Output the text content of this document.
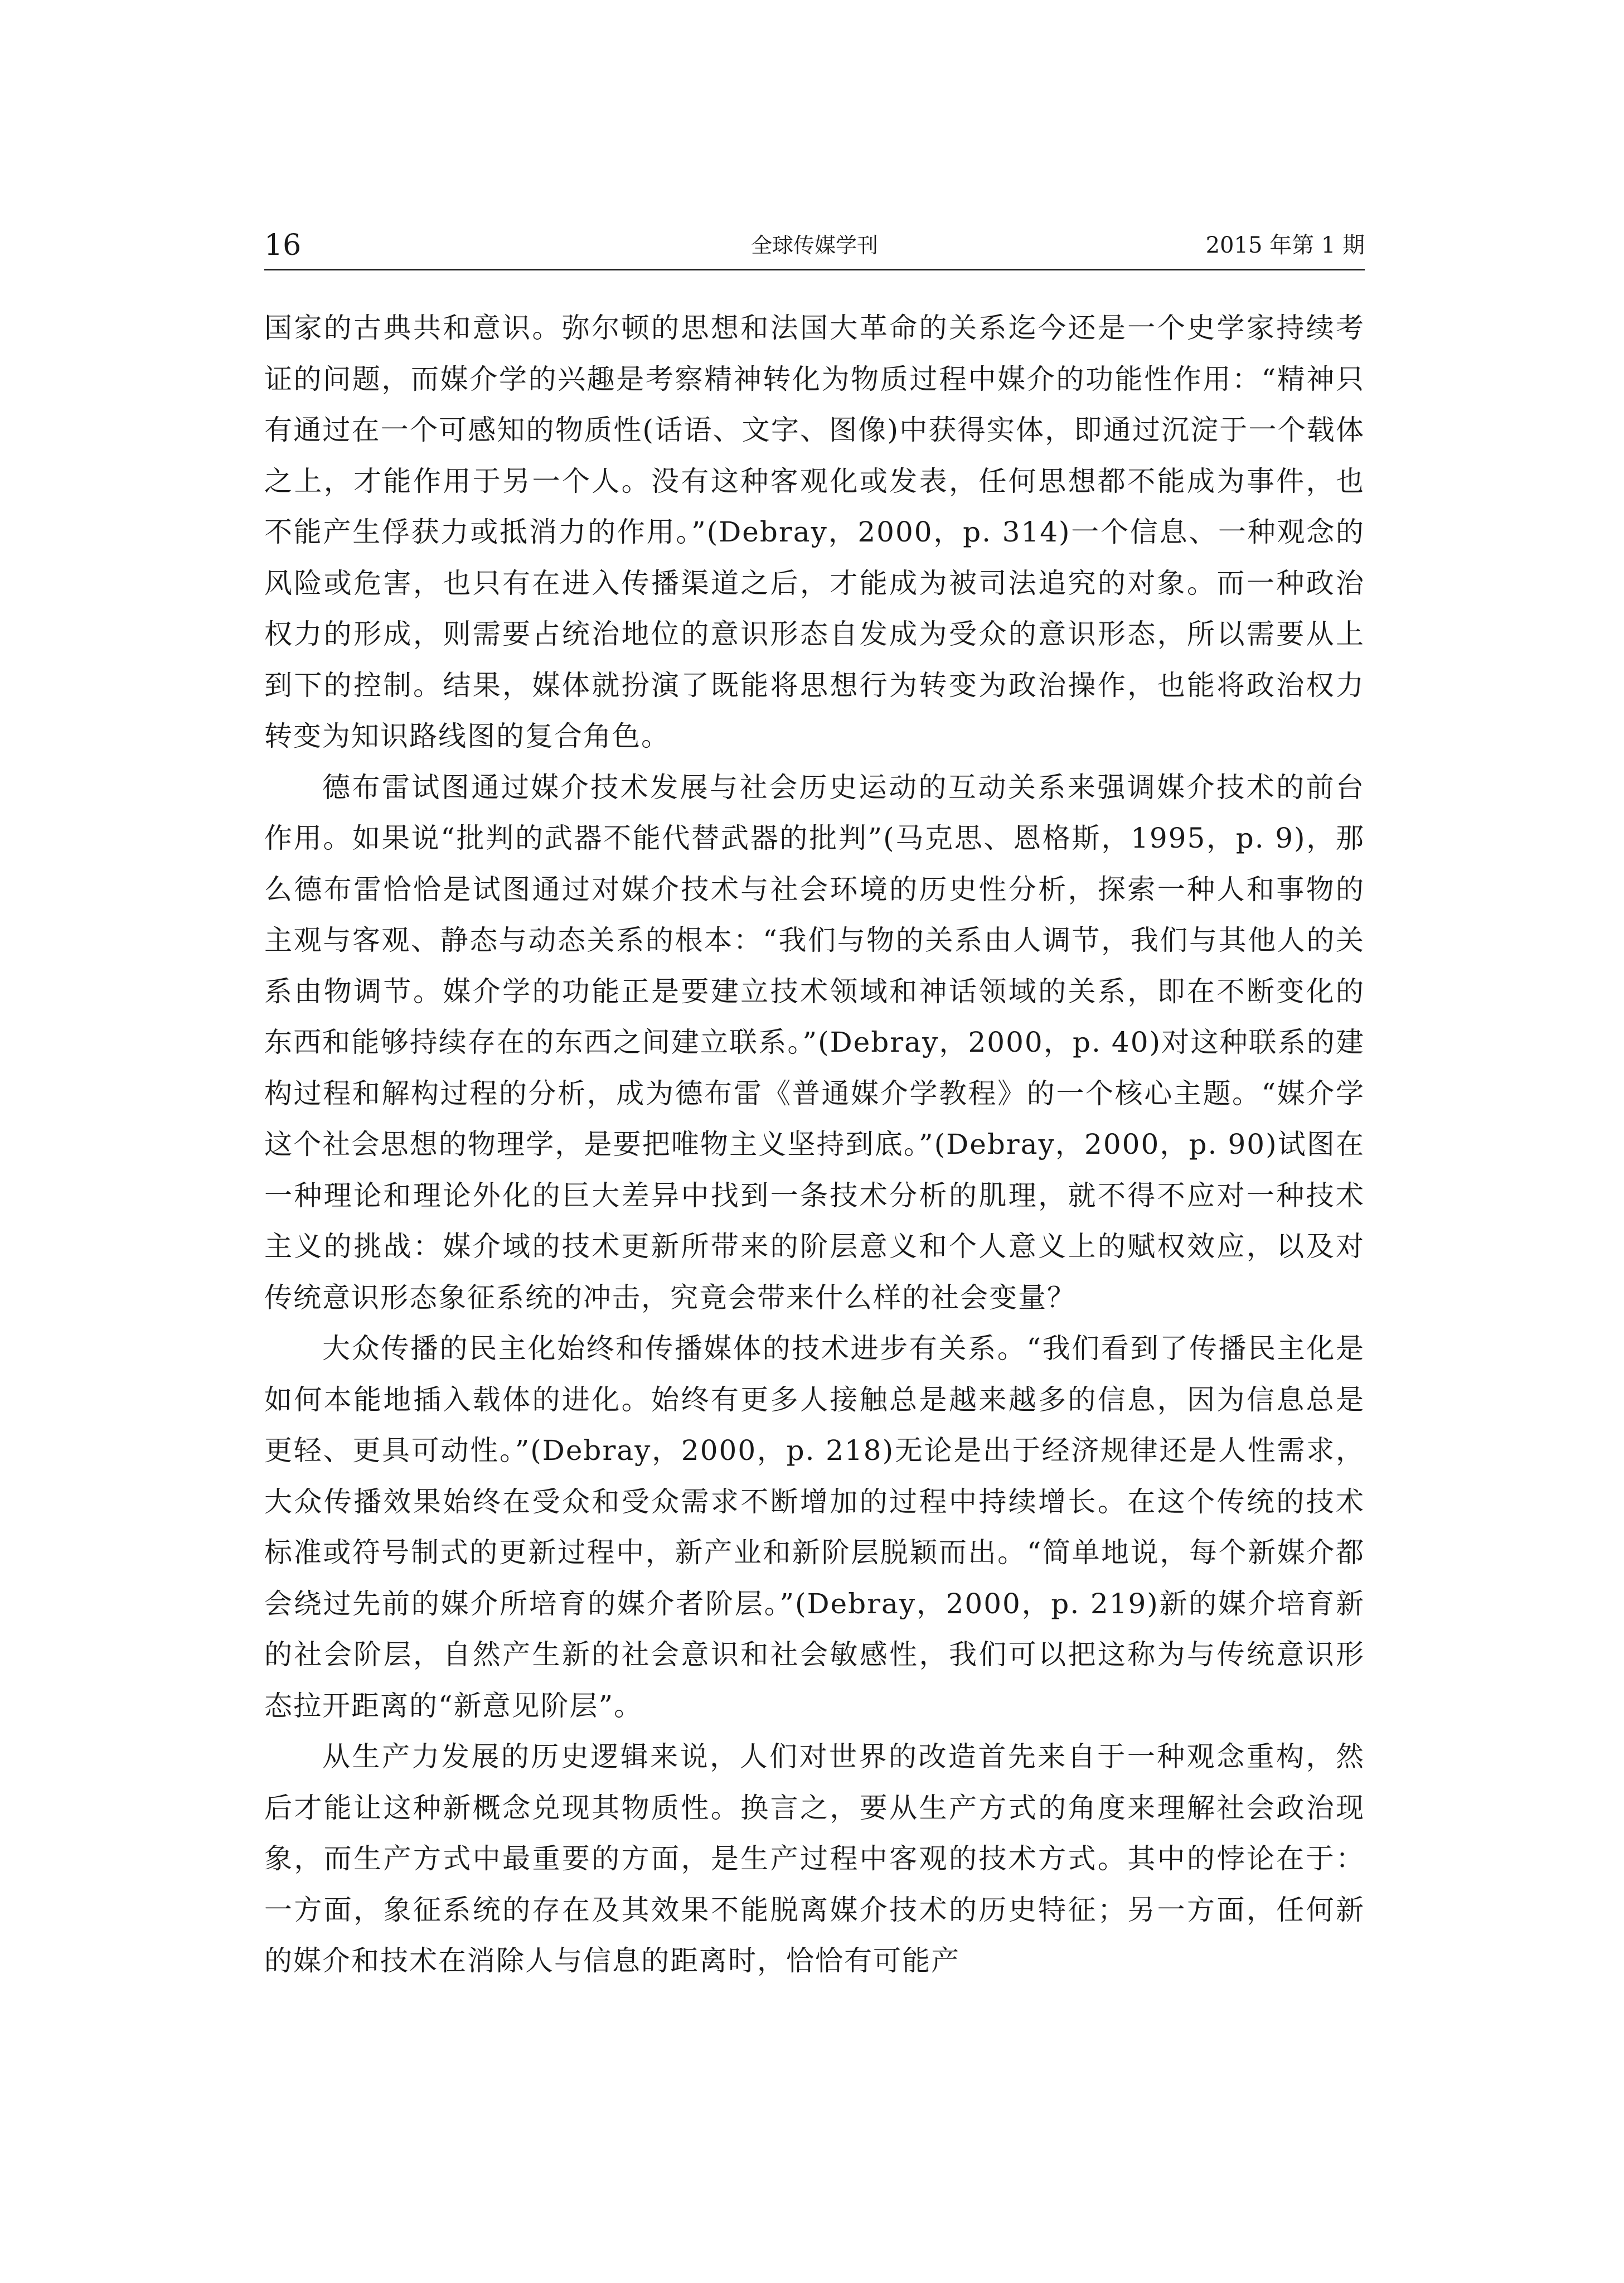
16	全球传媒学刊	2015 年第 1 期

国家的古典共和意识。弥尔顿的思想和法国大革命的关系迄今还是一个史学家持续考证的问题，而媒介学的兴趣是考察精神转化为物质过程中媒介的功能性作用：“精神只有通过在一个可感知的物质性(话语、文字、图像)中获得实体，即通过沉淀于一个载体之上，才能作用于另一个人。没有这种客观化或发表，任何思想都不能成为事件，也不能产生俘获力或抵消力的作用。”(Debray，2000，p. 314)一个信息、一种观念的风险或危害，也只有在进入传播渠道之后，才能成为被司法追究的对象。而一种政治权力的形成，则需要占统治地位的意识形态自发成为受众的意识形态，所以需要从上到下的控制。结果，媒体就扮演了既能将思想行为转变为政治操作，也能将政治权力转变为知识路线图的复合角色。

德布雷试图通过媒介技术发展与社会历史运动的互动关系来强调媒介技术的前台作用。如果说“批判的武器不能代替武器的批判”(马克思、恩格斯，1995，p. 9)，那么德布雷恰恰是试图通过对媒介技术与社会环境的历史性分析，探索一种人和事物的主观与客观、静态与动态关系的根本：“我们与物的关系由人调节，我们与其他人的关系由物调节。媒介学的功能正是要建立技术领域和神话领域的关系，即在不断变化的东西和能够持续存在的东西之间建立联系。”(Debray，2000，p. 40)对这种联系的建构过程和解构过程的分析，成为德布雷《普通媒介学教程》的一个核心主题。“媒介学这个社会思想的物理学，是要把唯物主义坚持到底。”(Debray，2000，p. 90)试图在一种理论和理论外化的巨大差异中找到一条技术分析的肌理，就不得不应对一种技术主义的挑战：媒介域的技术更新所带来的阶层意义和个人意义上的赋权效应，以及对传统意识形态象征系统的冲击，究竟会带来什么样的社会变量？

大众传播的民主化始终和传播媒体的技术进步有关系。“我们看到了传播民主化是如何本能地插入载体的进化。始终有更多人接触总是越来越多的信息，因为信息总是更轻、更具可动性。”(Debray，2000，p. 218)无论是出于经济规律还是人性需求，大众传播效果始终在受众和受众需求不断增加的过程中持续增长。在这个传统的技术标准或符号制式的更新过程中，新产业和新阶层脱颖而出。“简单地说，每个新媒介都会绕过先前的媒介所培育的媒介者阶层。”(Debray，2000，p. 219)新的媒介培育新的社会阶层，自然产生新的社会意识和社会敏感性，我们可以把这称为与传统意识形态拉开距离的“新意见阶层”。

从生产力发展的历史逻辑来说，人们对世界的改造首先来自于一种观念重构，然后才能让这种新概念兑现其物质性。换言之，要从生产方式的角度来理解社会政治现象，而生产方式中最重要的方面，是生产过程中客观的技术方式。其中的悖论在于：一方面，象征系统的存在及其效果不能脱离媒介技术的历史特征；另一方面，任何新的媒介和技术在消除人与信息的距离时，恰恰有可能产
